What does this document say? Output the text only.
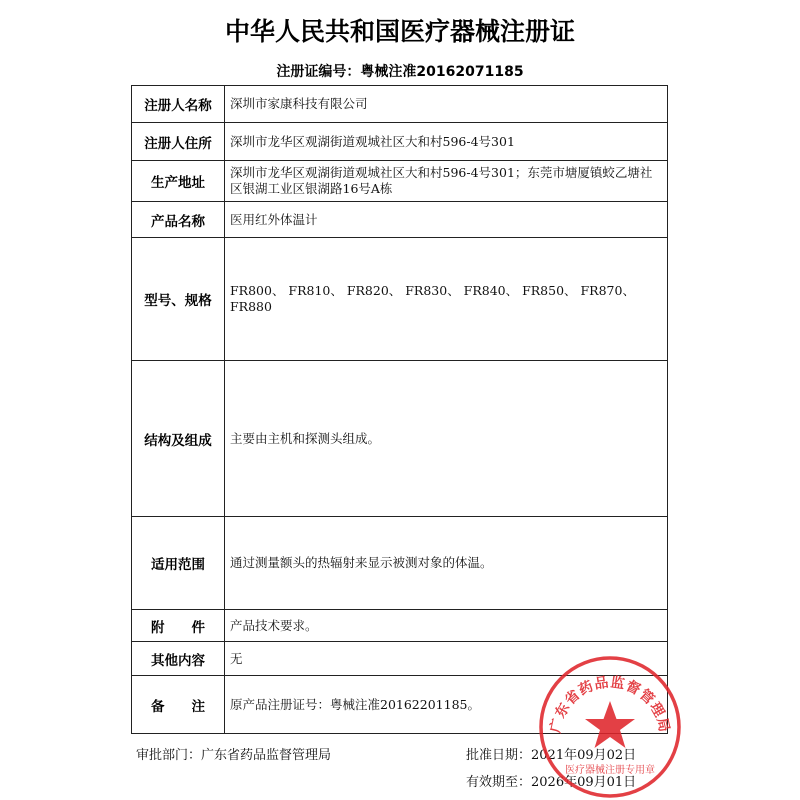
中华人民共和国医疗器械注册证
注册证编号：粤械注准20162071185
注册人名称	深圳市家康科技有限公司
注册人住所	深圳市龙华区观湖街道观城社区大和村596-4号301
生产地址	深圳市龙华区观湖街道观城社区大和村596-4号301；东莞市塘厦镇蛟乙塘社区银湖工业区银湖路16号A栋
产品名称	医用红外体温计
型号、规格	FR800、 FR810、 FR820、 FR830、 FR840、 FR850、 FR870、 FR880
结构及组成	主要由主机和探测头组成。
适用范围	通过测量额头的热辐射来显示被测对象的体温。
附　　件	产品技术要求。
其他内容	无
备　　注	原产品注册证号：粤械注准20162201185。
审批部门：广东省药品监督管理局	批准日期：2021年09月02日
有效期至：2026年09月01日
广东省药品监督管理局
医疗器械注册专用章
